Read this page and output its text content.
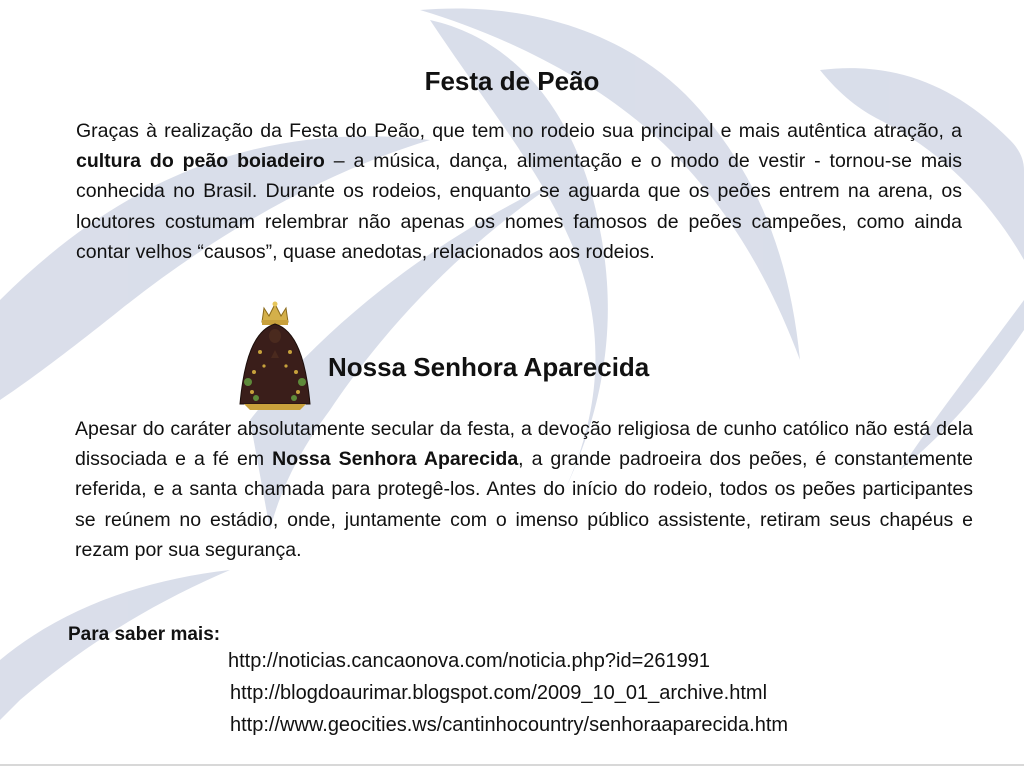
Festa de Peão

Graças à realização da Festa do Peão, que tem no rodeio sua principal e mais autêntica atração, a cultura do peão boiadeiro – a música, dança, alimentação e o modo de vestir - tornou-se mais conhecida no Brasil. Durante os rodeios, enquanto se aguarda que os peões entrem na arena, os locutores costumam relembrar não apenas os nomes famosos de peões campeões, como ainda contar velhos “causos”, quase anedotas, relacionados aos rodeios.

Nossa Senhora Aparecida

Apesar do caráter absolutamente secular da festa, a devoção religiosa de cunho católico não está dela dissociada e a fé em Nossa Senhora Aparecida, a grande padroeira dos peões, é constantemente referida, e a santa chamada para protegê-los. Antes do início do rodeio, todos os peões participantes se reúnem no estádio, onde, juntamente com o imenso público assistente, retiram seus chapéus e rezam por sua segurança.

Para saber mais:
http://noticias.cancaonova.com/noticia.php?id=261991
http://blogdoaurimar.blogspot.com/2009_10_01_archive.html
http://www.geocities.ws/cantinhocountry/senhoraaparecida.htm
